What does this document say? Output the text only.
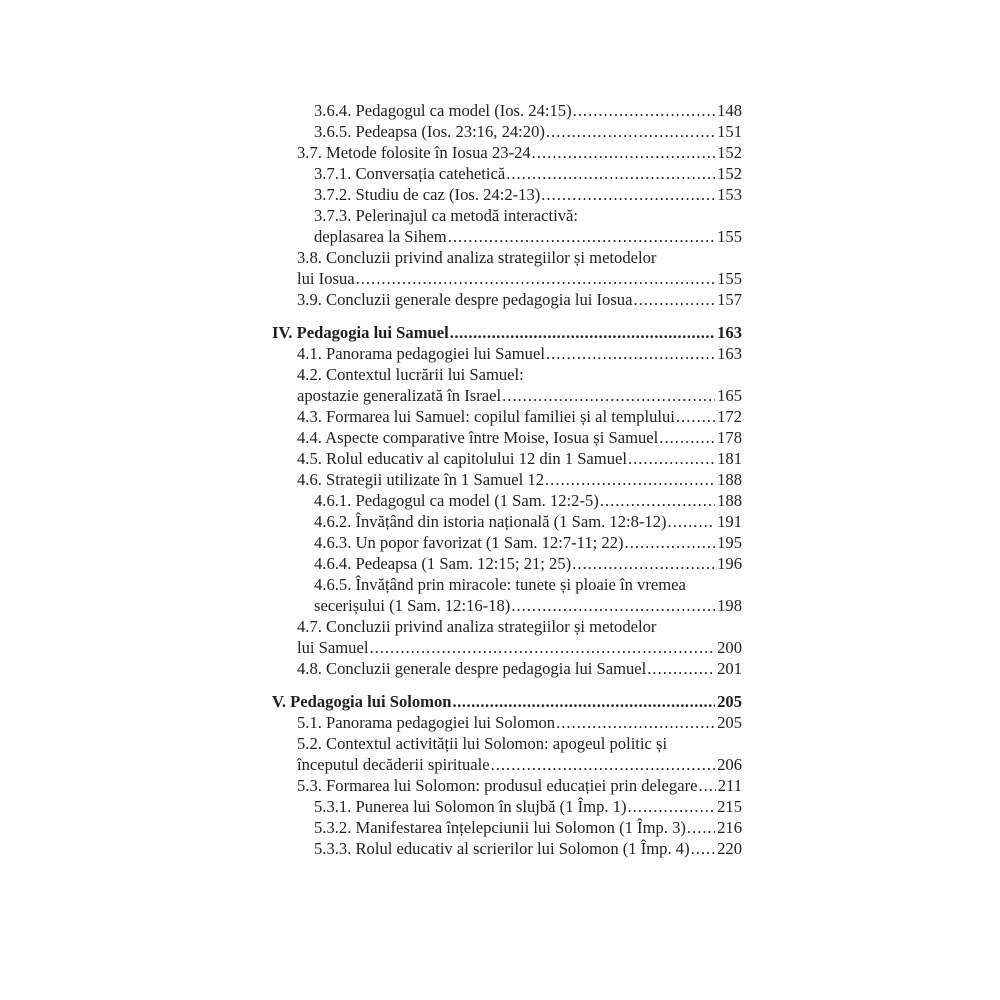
3.6.4. Pedagogul ca model (Ios. 24:15) .....	148
3.6.5. Pedeapsa (Ios. 23:16, 24:20) .....	151
3.7. Metode folosite în Iosua 23-24 .....	152
3.7.1. Conversația catehetică .....	152
3.7.2. Studiu de caz (Ios. 24:2-13) .....	153
3.7.3. Pelerinajul ca metodă interactivă:
deplasarea la Sihem .....	155
3.8. Concluzii privind analiza strategiilor și metodelor
lui Iosua .....	155
3.9. Concluzii generale despre pedagogia lui Iosua .....	157
IV. Pedagogia lui Samuel .....	163
4.1. Panorama pedagogiei lui Samuel .....	163
4.2. Contextul lucrării lui Samuel:
apostazie generalizată în Israel .....	165
4.3. Formarea lui Samuel: copilul familiei și al templului .....	172
4.4. Aspecte comparative între Moise, Iosua și Samuel .....	178
4.5. Rolul educativ al capitolului 12 din 1 Samuel .....	181
4.6. Strategii utilizate în 1 Samuel 12 .....	188
4.6.1. Pedagogul ca model (1 Sam. 12:2-5) .....	188
4.6.2. Învățând din istoria națională (1 Sam. 12:8-12) .....	191
4.6.3. Un popor favorizat (1 Sam. 12:7-11; 22) .....	195
4.6.4. Pedeapsa (1 Sam. 12:15; 21; 25) .....	196
4.6.5. Învățând prin miracole: tunete și ploaie în vremea
secerișului (1 Sam. 12:16-18) .....	198
4.7. Concluzii privind analiza strategiilor și metodelor
lui Samuel .....	200
4.8. Concluzii generale despre pedagogia lui Samuel .....	201
V. Pedagogia lui Solomon .....	205
5.1. Panorama pedagogiei lui Solomon .....	205
5.2. Contextul activității lui Solomon: apogeul politic și
începutul decăderii spirituale .....	206
5.3. Formarea lui Solomon: produsul educației prin delegare ..... 211
5.3.1. Punerea lui Solomon în slujbă (1 Împ. 1) .....	215
5.3.2. Manifestarea înțelepciunii lui Solomon (1 Împ. 3) ..... 216
5.3.3. Rolul educativ al scrierilor lui Solomon (1 Împ. 4) ..... 220
